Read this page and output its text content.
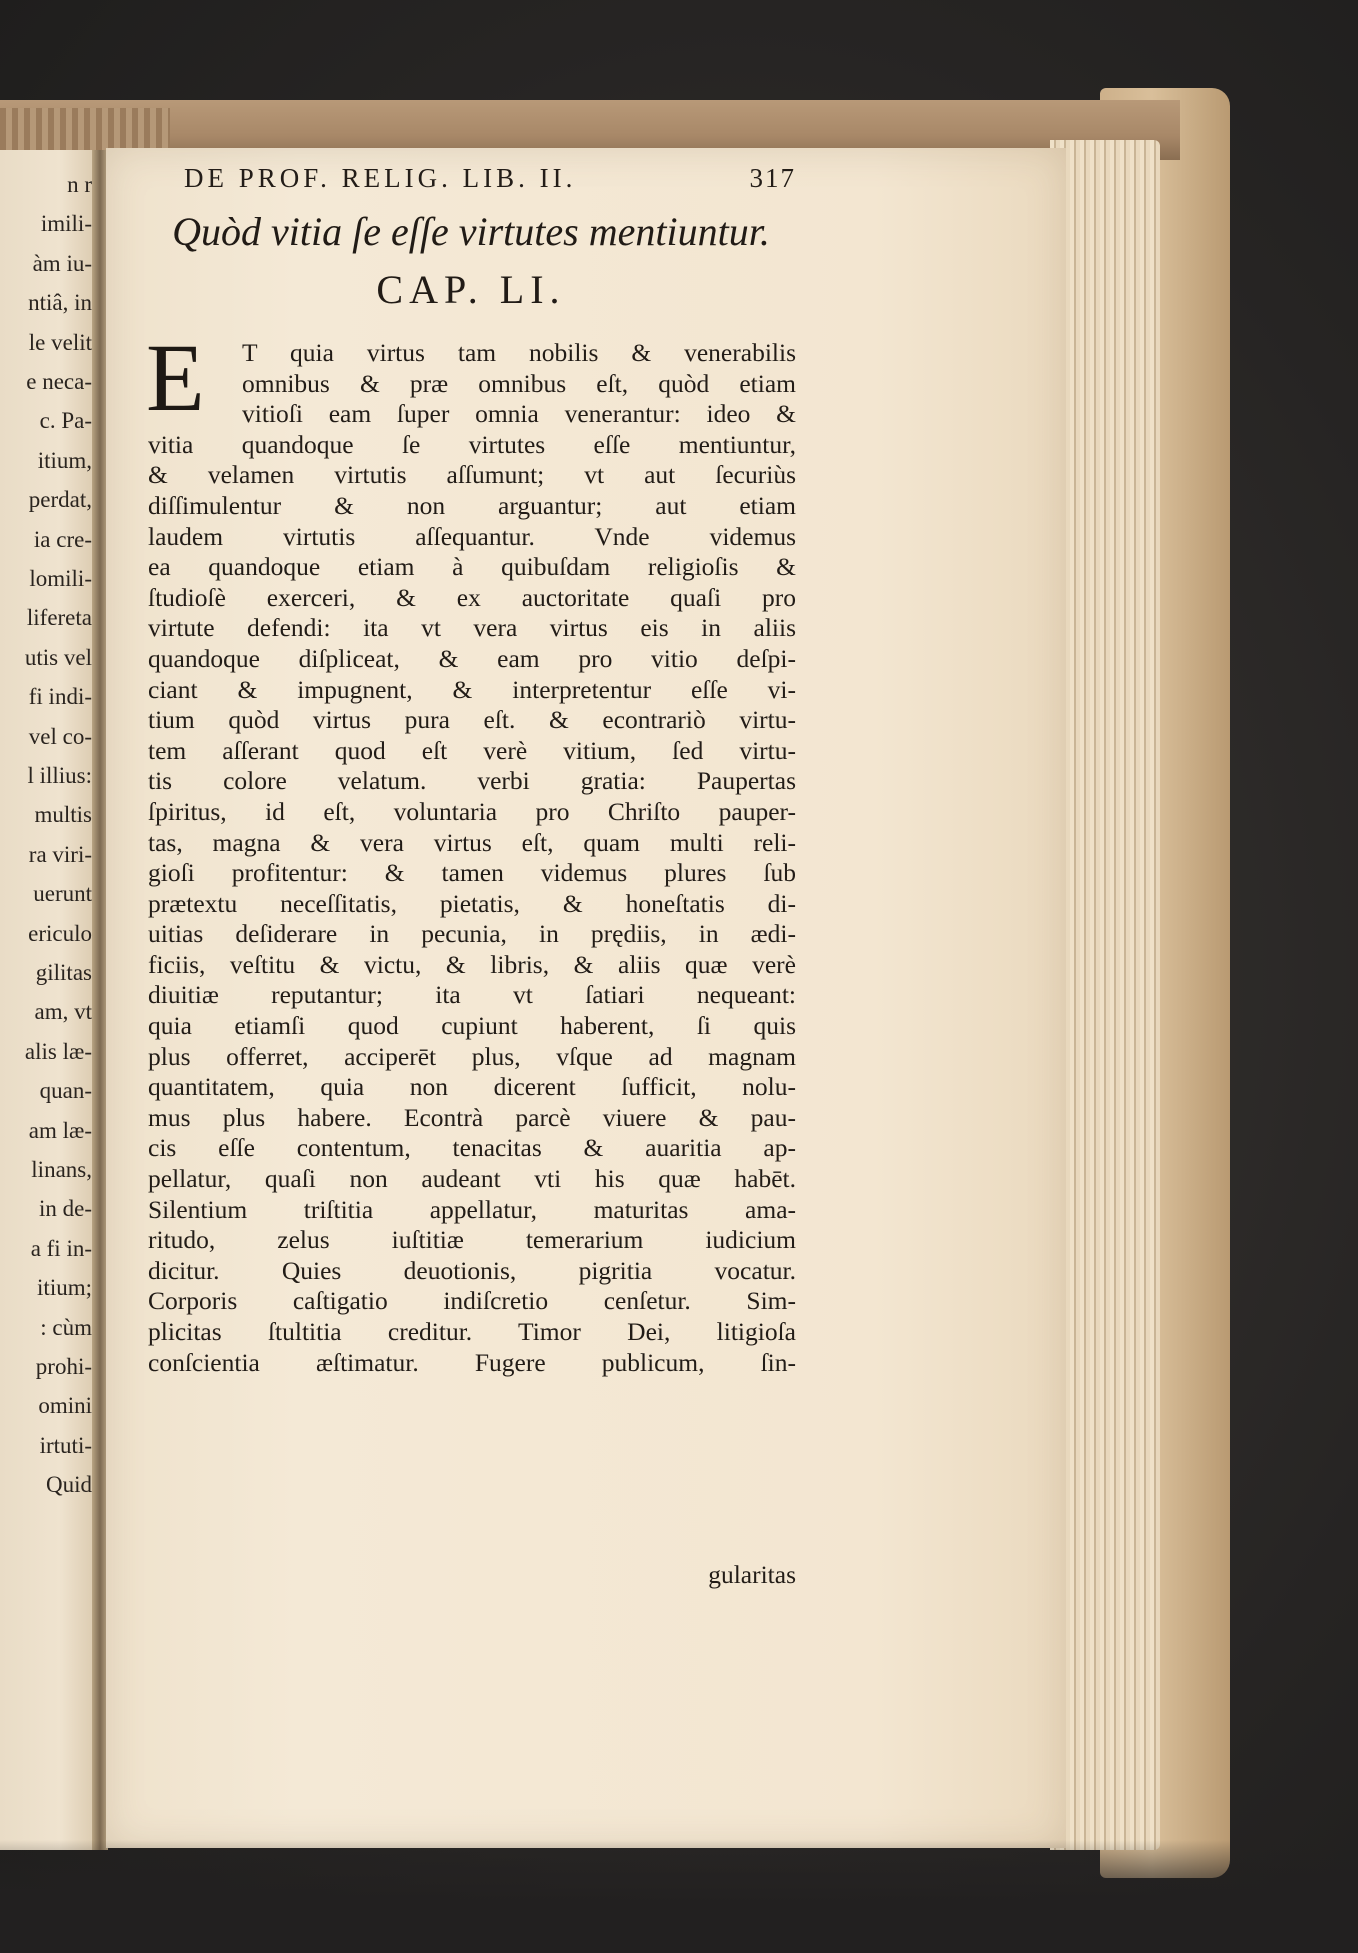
n r
imili-
àm iu-
ntiâ, in
le velit
e neca-
c. Pa-
itium,
perdat,
ia cre-
lomili-
lifereta
utis vel
fi indi-
vel co-
l illius:
multis
ra viri-
uerunt
ericulo
gilitas
am, vt
alis læ-
quan-
am læ-
linans,
in de-
a fi in-
itium;
: cùm
prohi-
omini
irtuti-
Quid
DE PROF. RELIG. LIB. II.	317
Quòd vitia ſe eſſe virtutes mentiuntur.
CAP. LI.
E	T quia virtus tam nobilis & venerabilis
omnibus & præ omnibus eſt, quòd etiam
vitioſi eam ſuper omnia venerantur: ideo &
vitia quandoque ſe virtutes eſſe mentiuntur,
& velamen virtutis aſſumunt; vt aut ſecuriùs
diſſimulentur & non arguantur; aut etiam
laudem virtutis aſſequantur. Vnde videmus
ea quandoque etiam à quibuſdam religioſis &
ſtudioſè exerceri, & ex auctoritate quaſi pro
virtute defendi: ita vt vera virtus eis in aliis
quandoque diſpliceat, & eam pro vitio deſpi-
ciant & impugnent, & interpretentur eſſe vi-
tium quòd virtus pura eſt. & econtrariò virtu-
tem aſſerant quod eſt verè vitium, ſed virtu-
tis colore velatum. verbi gratia: Paupertas
ſpiritus, id eſt, voluntaria pro Chriſto pauper-
tas, magna & vera virtus eſt, quam multi reli-
gioſi profitentur: & tamen videmus plures ſub
prætextu neceſſitatis, pietatis, & honeſtatis di-
uitias deſiderare in pecunia, in prędiis, in ædi-
ficiis, veſtitu & victu, & libris, & aliis quæ verè
diuitiæ reputantur; ita vt ſatiari nequeant:
quia etiamſi quod cupiunt haberent, ſi quis
plus offerret, acciperēt plus, vſque ad magnam
quantitatem, quia non dicerent ſufficit, nolu-
mus plus habere. Econtrà parcè viuere & pau-
cis eſſe contentum, tenacitas & auaritia ap-
pellatur, quaſi non audeant vti his quæ habēt.
Silentium triſtitia appellatur, maturitas ama-
ritudo, zelus iuſtitiæ temerarium iudicium
dicitur. Quies deuotionis, pigritia vocatur.
Corporis caſtigatio indiſcretio cenſetur. Sim-
plicitas ſtultitia creditur. Timor Dei, litigioſa
conſcientia æſtimatur. Fugere publicum, ſin-
gularitas
